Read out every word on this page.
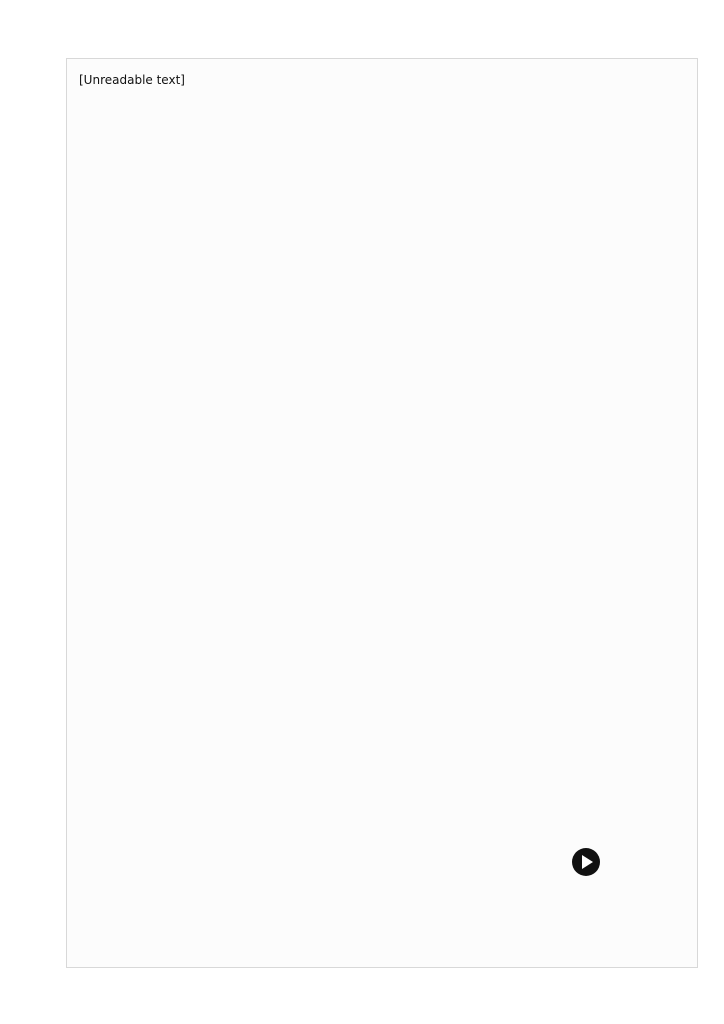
[Unreadable text]
